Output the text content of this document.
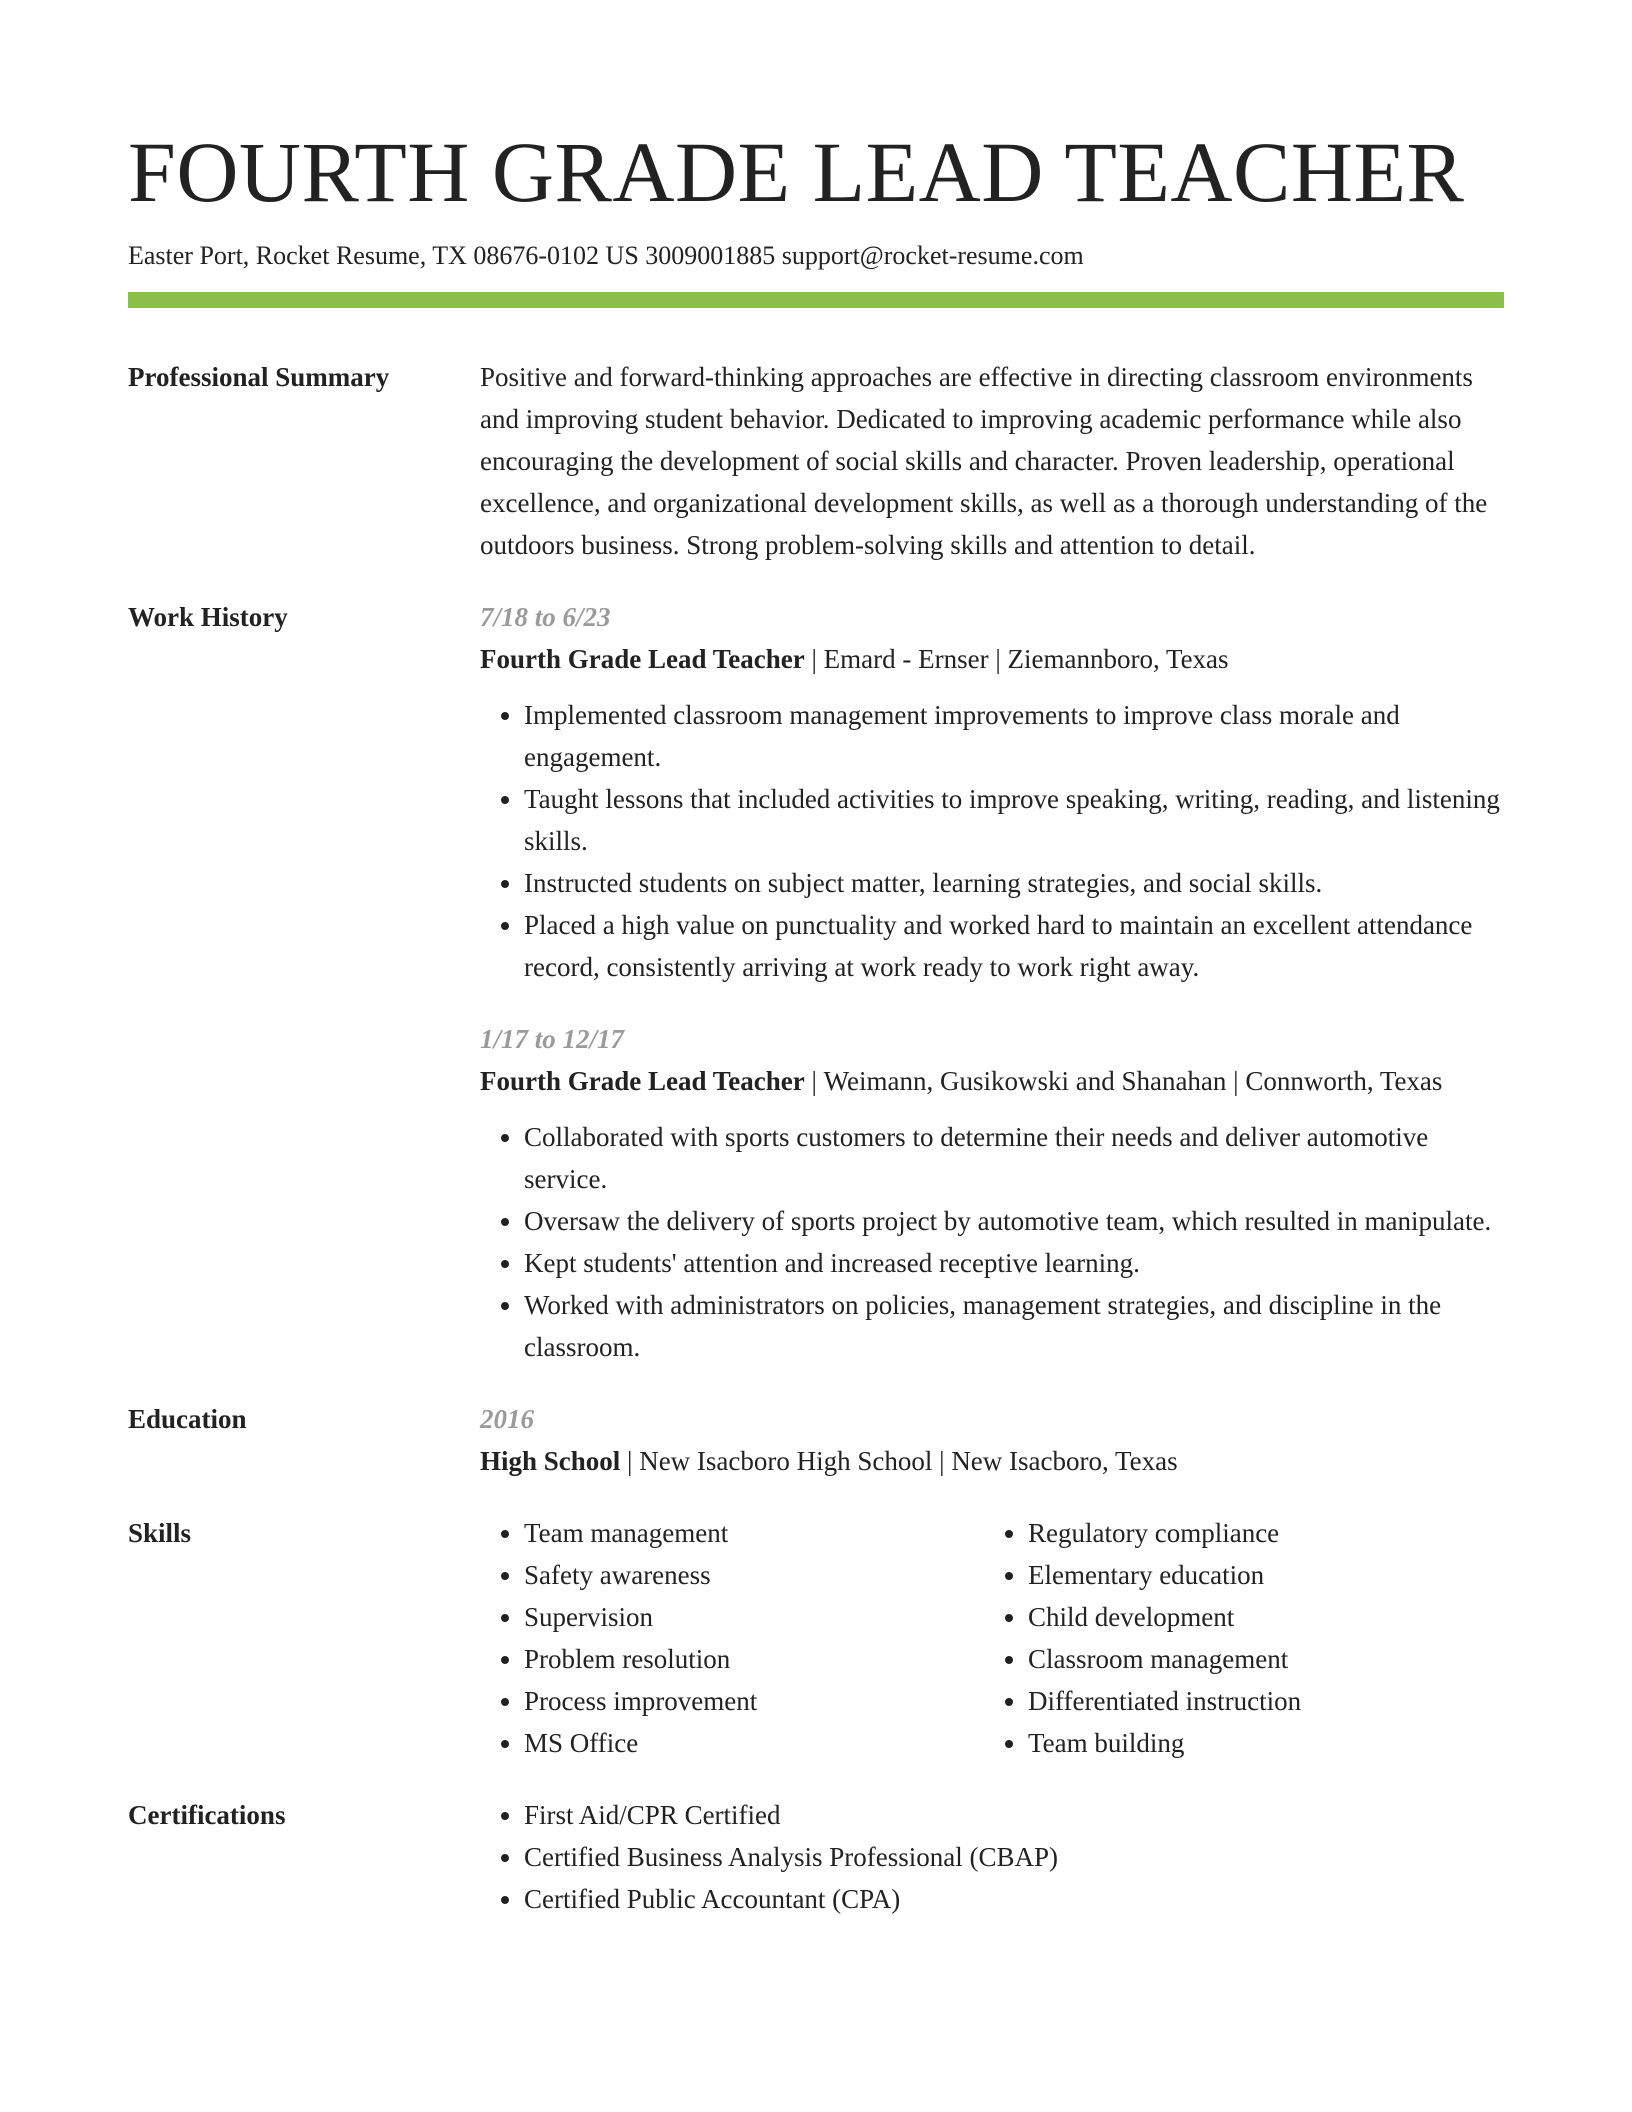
FOURTH GRADE LEAD TEACHER
Easter Port, Rocket Resume, TX 08676-0102 US 3009001885 support@rocket-resume.com
Professional Summary	Positive and forward-thinking approaches are effective in directing classroom environments and improving student behavior. Dedicated to improving academic performance while also encouraging the development of social skills and character. Proven leadership, operational excellence, and organizational development skills, as well as a thorough understanding of the outdoors business. Strong problem-solving skills and attention to detail.

Work History	7/18 to 6/23
Fourth Grade Lead Teacher | Emard - Ernser | Ziemannboro, Texas
• Implemented classroom management improvements to improve class morale and engagement.
• Taught lessons that included activities to improve speaking, writing, reading, and listening skills.
• Instructed students on subject matter, learning strategies, and social skills.
• Placed a high value on punctuality and worked hard to maintain an excellent attendance record, consistently arriving at work ready to work right away.
1/17 to 12/17
Fourth Grade Lead Teacher | Weimann, Gusikowski and Shanahan | Connworth, Texas
• Collaborated with sports customers to determine their needs and deliver automotive service.
• Oversaw the delivery of sports project by automotive team, which resulted in manipulate.
• Kept students' attention and increased receptive learning.
• Worked with administrators on policies, management strategies, and discipline in the classroom.
Education	2016
High School | New Isacboro High School | New Isacboro, Texas
Skills	• Team management
• Safety awareness
• Supervision
• Problem resolution
• Process improvement
• MS Office
• Regulatory compliance
• Elementary education
• Child development
• Classroom management
• Differentiated instruction
• Team building
Certifications	• First Aid/CPR Certified
• Certified Business Analysis Professional (CBAP)
• Certified Public Accountant (CPA)
